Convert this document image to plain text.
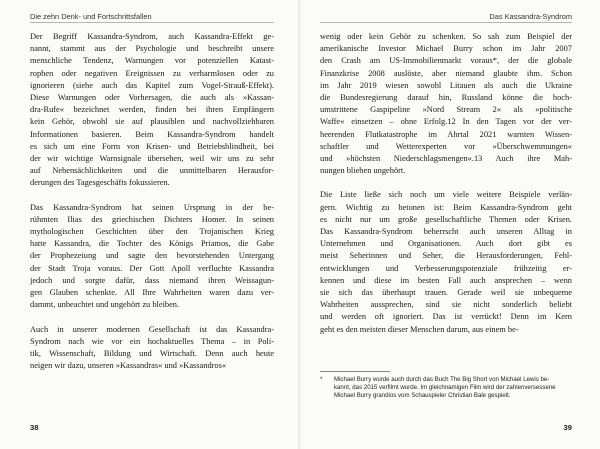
Die zehn Denk- und Fortschrittsfallen
Der Begriff Kassandra-Syndrom, auch Kassandra-Effekt ge-
nannt, stammt aus der Psychologie und beschreibt unsere
menschliche Tendenz, Warnungen vor potenziellen Katast-
rophen oder negativen Ereignissen zu verharmlosen oder zu
ignorieren (siehe auch das Kapitel zum Vogel-Strauß-Effekt).
Diese Warnungen oder Vorhersagen, die auch als »Kassan-
dra-Rufe« bezeichnet werden, finden bei ihren Empfängern
kein Gehör, obwohl sie auf plausiblen und nachvollziehbaren
Informationen basieren. Beim Kassandra-Syndrom handelt
es sich um eine Form von Krisen- und Betriebsblindheit, bei
der wir wichtige Warnsignale übersehen, weil wir uns zu sehr
auf Nebensächlichkeiten und die unmittelbaren Herausfor-
derungen des Tagesgeschäfts fokussieren.
Das Kassandra-Syndrom hat seinen Ursprung in der be-
rühmten Ilias des griechischen Dichters Homer. In seinen
mythologischen Geschichten über den Trojanischen Krieg
hatte Kassandra, die Tochter des Königs Priamos, die Gabe
der Prophezeiung und sagte den bevorstehenden Untergang
der Stadt Troja voraus. Der Gott Apoll verfluchte Kassandra
jedoch und sorgte dafür, dass niemand ihren Weissagun-
gen Glauben schenkte. All Ihre Wahrheiten waren dazu ver-
dammt, unbeachtet und ungehört zu bleiben.
Auch in unserer modernen Gesellschaft ist das Kassandra-
Syndrom nach wie vor ein hochaktuelles Thema – in Poli-
tik, Wissenschaft, Bildung und Wirtschaft. Denn auch heute
neigen wir dazu, unseren »Kassandras« und »Kassandros«
38
Das Kassandra-Syndrom
wenig oder kein Gehör zu schenken. So sah zum Beispiel der
amerikanische Investor Michael Burry schon im Jahr 2007
den Crash am US-Immobilienmarkt voraus*, der die globale
Finanzkrise 2008 auslöste, aber niemand glaubte ihm. Schon
im Jahr 2019 wiesen sowohl Litauen als auch die Ukraine
die Bundesregierung darauf hin, Russland könne die hoch-
umstrittene Gaspipeline »Nord Stream 2« als »politische
Waffe« einsetzen – ohne Erfolg.12 In den Tagen vor der ver-
heerenden Flutkatastrophe im Ahrtal 2021 warnten Wissen-
schaftler und Wetterexperten vor »Überschwemmungen«
und »höchsten Niederschlagsmengen«.13 Auch ihre Mah-
nungen blieben ungehört.
Die Liste ließe sich noch um viele weitere Beispiele verlän-
gern. Wichtig zu betonen ist: Beim Kassandra-Syndrom geht
es nicht nur um große gesellschaftliche Themen oder Krisen.
Das Kassandra-Syndrom beherrscht auch unseren Alltag in
Unternehmen und Organisationen. Auch dort gibt es
meist Seherinnen und Seher, die Herausforderungen, Fehl-
entwicklungen und Verbesserungspotenziale frühzeitig er-
kennen und diese im besten Fall auch ansprechen – wenn
sie sich das überhaupt trauen. Gerade weil sie unbequeme
Wahrheiten aussprechen, sind sie nicht sonderlich beliebt
und werden oft ignoriert. Das ist verrückt! Denn im Kern
geht es den meisten dieser Menschen darum, aus einem be-
* Michael Burry wurde auch durch das Buch The Big Short von Michael Lewis be-
kannt, das 2015 verfilmt wurde. Im gleichnamigen Film wird der zahlenversessene
Michael Burry grandios vom Schauspieler Christian Bale gespielt.
39
